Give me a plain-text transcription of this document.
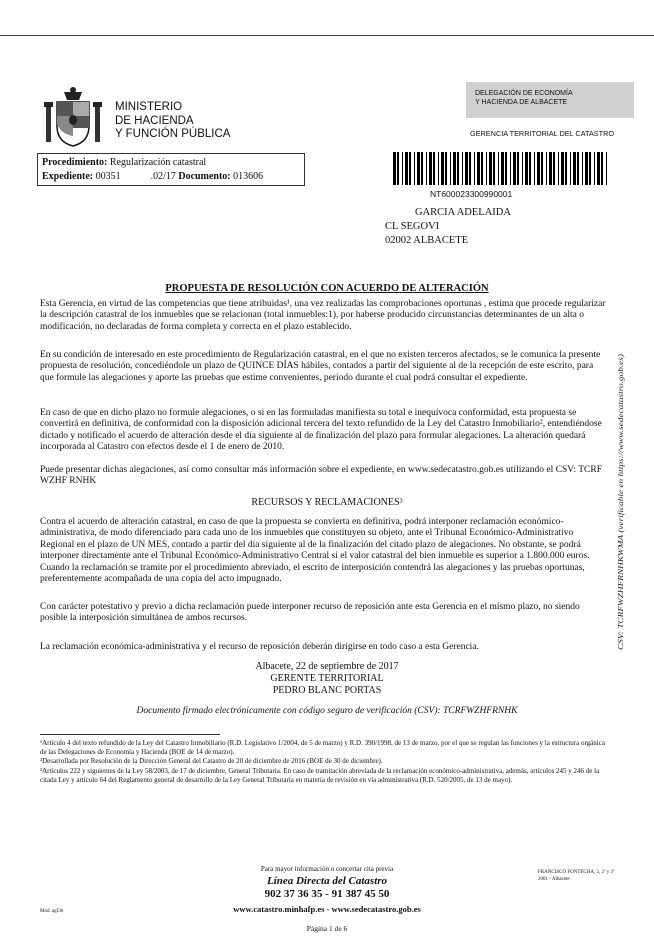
MINISTERIO
DE HACIENDA
Y FUNCIÓN PÚBLICA
DELEGACIÓN DE ECONOMÍA
Y HACIENDA DE ALBACETE
GERENCIA TERRITORIAL DEL CATASTRO
Procedimiento: Regularización catastral
Expediente: 00351	.02/17 Documento: 013606
NT600023300990001
GARCIA ADELAIDA
CL SEGOVI
02002 ALBACETE
PROPUESTA DE RESOLUCIÓN CON ACUERDO DE ALTERACIÓN

Esta Gerencia, en virtud de las competencias que tiene atribuidas¹, una vez realizadas las comprobaciones oportunas , estima que procede regularizar la descripción catastral de los inmuebles que se relacionan (total inmuebles:1), por haberse producido circunstancias determinantes de un alta o modificación, no declaradas de forma completa y correcta en el plazo establecido.

En su condición de interesado en este procedimiento de Regularización catastral, en el que no existen terceros afectados, se le comunica la presente propuesta de resolución, concediéndole un plazo de QUINCE DÍAS hábiles, contados a partir del siguiente al de la recepción de este escrito, para que formule las alegaciones y aporte las pruebas que estime convenientes, periodo durante el cual podrá consultar el expediente.

En caso de que en dicho plazo no formule alegaciones, o si en las formuladas manifiesta su total e inequívoca conformidad, esta propuesta se convertirá en definitiva, de conformidad con la disposición adicional tercera del texto refundido de la Ley del Catastro Inmobiliario², entendiéndose dictado y notificado el acuerdo de alteración desde el día siguiente al de finalización del plazo para formular alegaciones. La alteración quedará incorporada al Catastro con efectos desde el 1 de enero de 2010.

Puede presentar dichas alegaciones, así como consultar más información sobre el expediente, en www.sedecatastro.gob.es utilizando el CSV: TCRF WZHF RNHK

RECURSOS Y RECLAMACIONES³

Contra el acuerdo de alteración catastral, en caso de que la propuesta se convierta en definitiva, podrá interponer reclamación económico-administrativa, de modo diferenciado para cada uno de los inmuebles que constituyen su objeto, ante el Tribunal Económico-Administrativo Regional en el plazo de UN MES, contado a partir del día siguiente al de la finalización del citado plazo de alegaciones. No obstante, se podrá interponer directamente ante el Tribunal Económico-Administrativo Central si el valor catastral del bien inmueble es superior a 1.800.000 euros. Cuando la reclamación se tramite por el procedimiento abreviado, el escrito de interposición contendrá las alegaciones y las pruebas oportunas, preferentemente acompañada de una copia del acto impugnado.

Con carácter potestativo y previo a dicha reclamación puede interponer recurso de reposición ante esta Gerencia en el mismo plazo, no siendo posible la interposición simultánea de ambos recursos.

La reclamación económica-administrativa y el recurso de reposición deberán dirigirse en todo caso a esta Gerencia.

Albacete, 22 de septiembre de 2017
GERENTE TERRITORIAL
PEDRO BLANC PORTAS
Documento firmado electrónicamente con código seguro de verificación (CSV): TCRFWZHFRNHK
CSV: TCRFWZHFRNHKWMA (verificable en https://www.sedecatastro.gob.es)
¹Artículo 4 del texto refundido de la Ley del Catastro Inmobiliario (R.D. Legislativo 1/2004, de 5 de marzo) y R.D. 390/1998, de 13 de marzo, por el que se regulan las funciones y la estructura orgánica de las Delegaciones de Economía y Hacienda (BOE de 14 de marzo).
²Desarrollada por Resolución de la Dirección General del Catastro de 20 de diciembre de 2016 (BOE de 30 de diciembre).
³Artículos 222 y siguientes de la Ley 58/2003, de 17 de diciembre, General Tributaria. En caso de tramitación abreviada de la reclamación económico-administrativa, además, artículos 245 y 246 de la citada Ley y artículo 64 del Reglamento general de desarrollo de la Ley General Tributaria en materia de revisión en vía administrativa (R.D. 520/2005, de 13 de mayo).
Para mayor información o concertar cita previa
Línea Directa del Catastro
902 37 36 35 - 91 387 45 50
www.catastro.minhafp.es - www.sedecatastro.gob.es
Página 1 de 6
FRANCISCO FONTECHA, 2, 2º y 3º
2001 - Albacete
Mod. agf36
